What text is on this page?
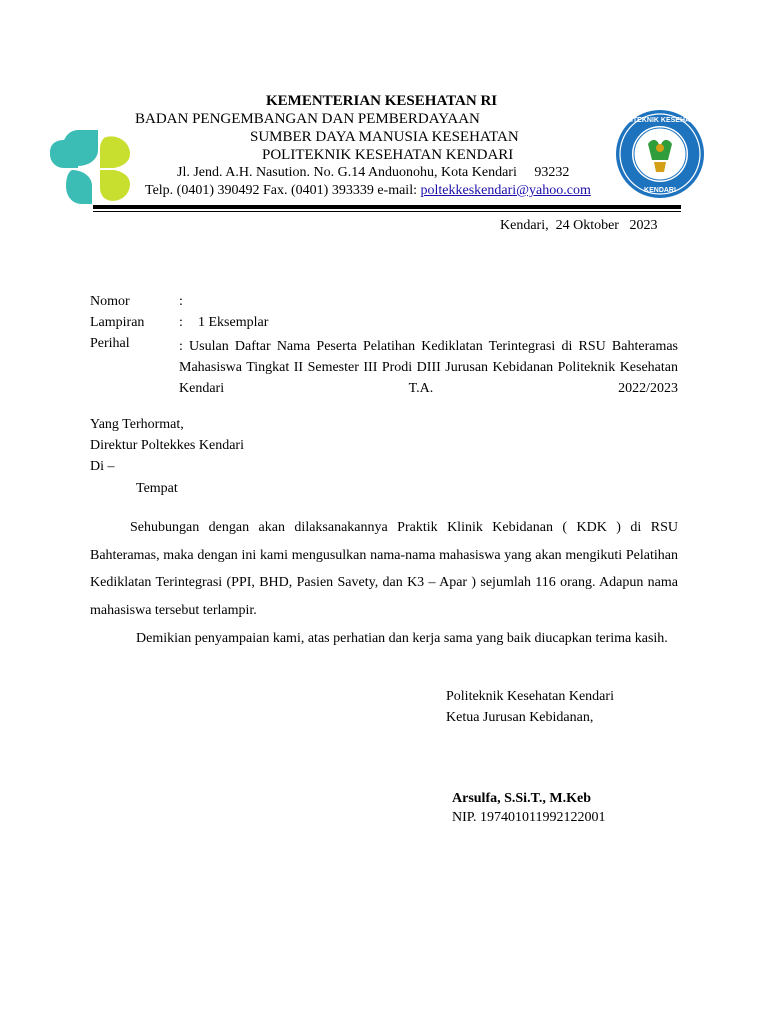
POLITEKNIK KESEHATAN
KENDARI
KEMENTERIAN KESEHATAN RI
BADAN PENGEMBANGAN DAN PEMBERDAYAAN
SUMBER DAYA MANUSIA KESEHATAN
POLITEKNIK KESEHATAN KENDARI
Jl. Jend. A.H. Nasution. No. G.14 Anduonohu, Kota Kendari     93232
Telp. (0401) 390492 Fax. (0401) 393339 e-mail: poltekkeskendari@yahoo.com
Kendari,  24 Oktober   2023
Nomor	:
Lampiran : 1 Eksemplar
Perihal	: Usulan Daftar Nama Peserta Pelatihan Kediklatan Terintegrasi di RSU Bahteramas Mahasiswa Tingkat II Semester III Prodi DIII Jurusan Kebidanan Politeknik Kesehatan Kendari T.A. 2022/2023
Yang Terhormat,
Direktur Poltekkes Kendari
Di –
Tempat
Sehubungan dengan akan dilaksanakannya Praktik Klinik Kebidanan ( KDK ) di RSU Bahteramas, maka dengan ini kami mengusulkan nama-nama mahasiswa yang akan mengikuti Pelatihan Kediklatan Terintegrasi (PPI, BHD, Pasien Savety, dan K3 – Apar ) sejumlah 116 orang. Adapun nama mahasiswa tersebut terlampir.
Demikian penyampaian kami, atas perhatian dan kerja sama yang baik diucapkan terima kasih.
Politeknik Kesehatan Kendari
Ketua Jurusan Kebidanan,
Arsulfa, S.Si.T., M.Keb
NIP. 197401011992122001
